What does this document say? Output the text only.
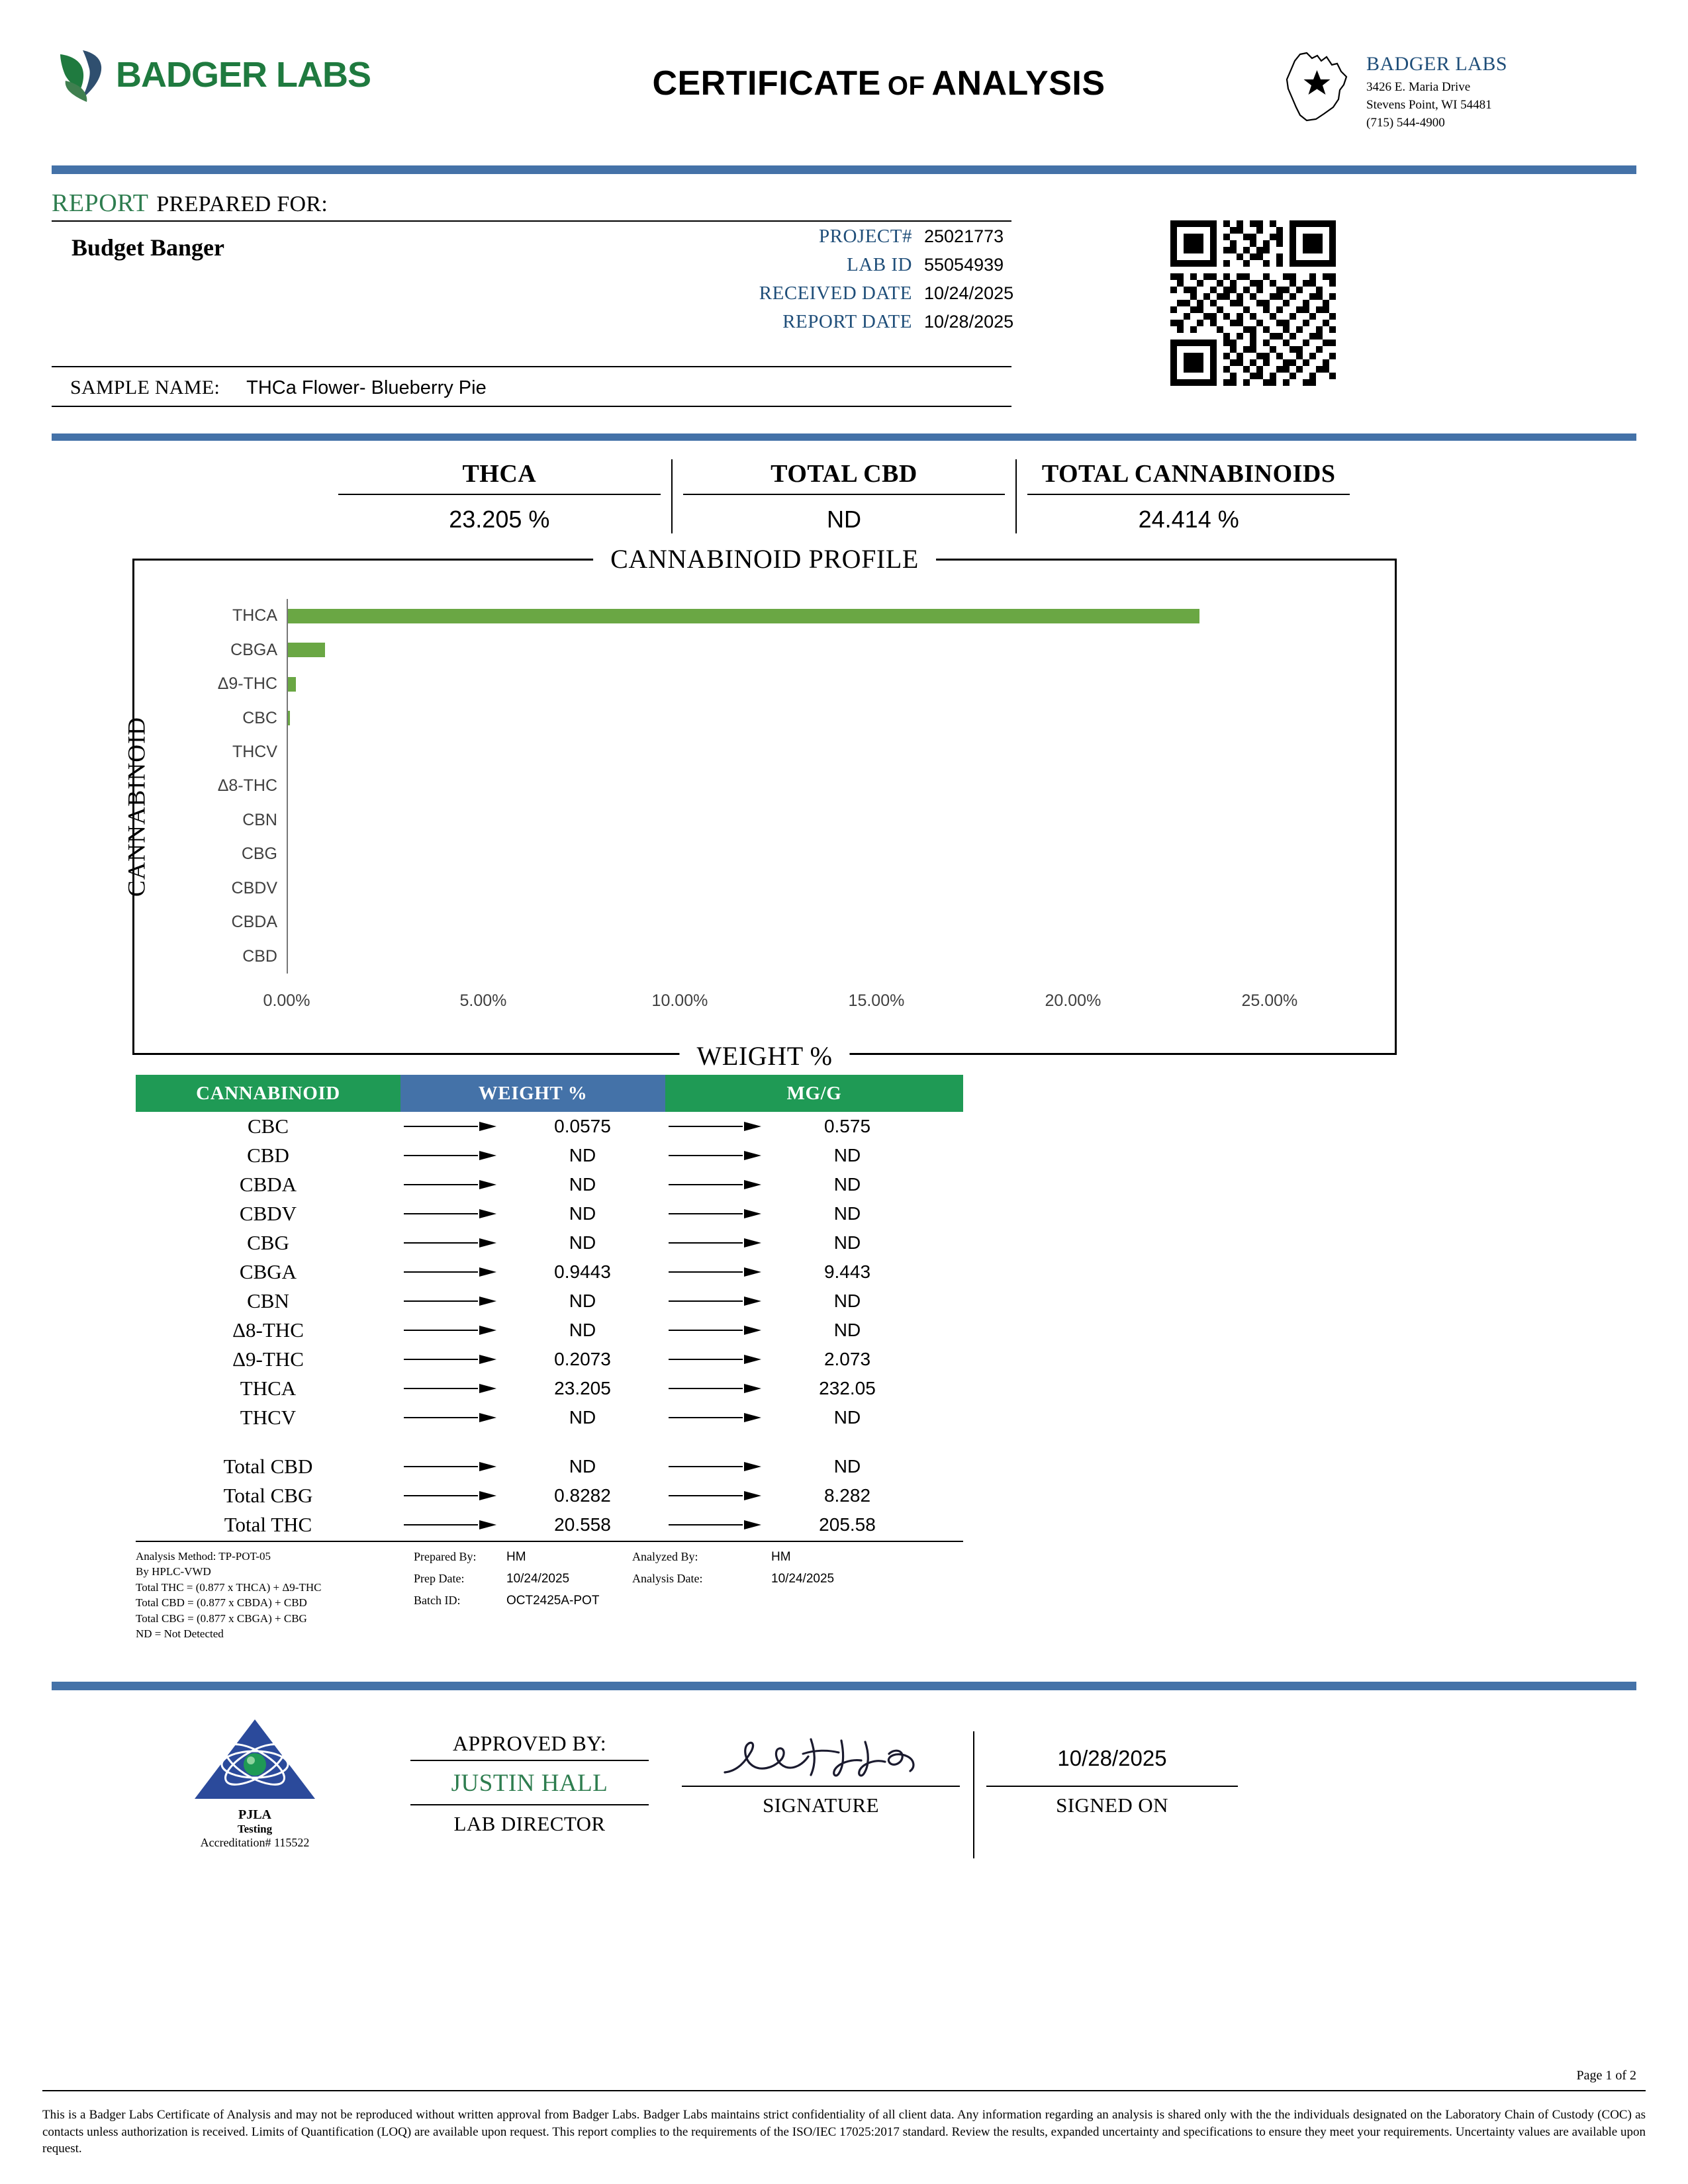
BADGER LABS	CERTIFICATE OF ANALYSIS
BADGER LABS
3426 E. Maria Drive
Stevens Point, WI 54481
(715) 544-4900
REPORT PREPARED FOR:
Budget Banger	PROJECT# 25021773
LAB ID 55054939
RECEIVED DATE 10/24/2025
REPORT DATE 10/28/2025
SAMPLE NAME: THCa Flower- Blueberry Pie
THCA
23.205 %
TOTAL CBD
ND
TOTAL CANNABINOIDS
24.414 %
CANNABINOID PROFILE
CANNABINOID
WEIGHT %
THCA
CBGA
Δ9-THC
CBC
THCV
Δ8-THC
CBN
CBG
CBDV
CBDA
CBD
0.00%	5.00%	10.00%	15.00%	20.00%	25.00%
CANNABINOID	WEIGHT %	MG/G
CBC	0.0575	0.575
CBD	ND	ND
CBDA	ND	ND
CBDV	ND	ND
CBG	ND	ND
CBGA	0.9443	9.443
CBN	ND	ND
Δ8-THC	ND	ND
Δ9-THC	0.2073	2.073
THCA	23.205	232.05
THCV	ND	ND
Total CBD	ND	ND
Total CBG	0.8282	8.282
Total THC	20.558	205.58
Analysis Method: TP-POT-05
By HPLC-VWD
Total THC = (0.877 x THCA) + Δ9-THC
Total CBD = (0.877 x CBDA) + CBD
Total CBG = (0.877 x CBGA) + CBG
ND = Not Detected
Prepared By:	HM
Prep Date:	10/24/2025
Batch ID:	OCT2425A-POT
Analyzed By:	HM
Analysis Date:	10/24/2025
PJLA
Testing
Accreditation# 115522
APPROVED BY:
JUSTIN HALL
LAB DIRECTOR
SIGNATURE
10/28/2025
SIGNED ON
Page 1 of 2
This is a Badger Labs Certificate of Analysis and may not be reproduced without written approval from Badger Labs. Badger Labs maintains strict confidentiality of all client data. Any information regarding an analysis is shared only with the the individuals designated on the Laboratory Chain of Custody (COC) as contacts unless authorization is received. Limits of Quantification (LOQ) are available upon request. This report complies to the requirements of the ISO/IEC 17025:2017 standard. Review the results, expanded uncertainty and specifications to ensure they meet your requirements. Uncertainty values are available upon request.
